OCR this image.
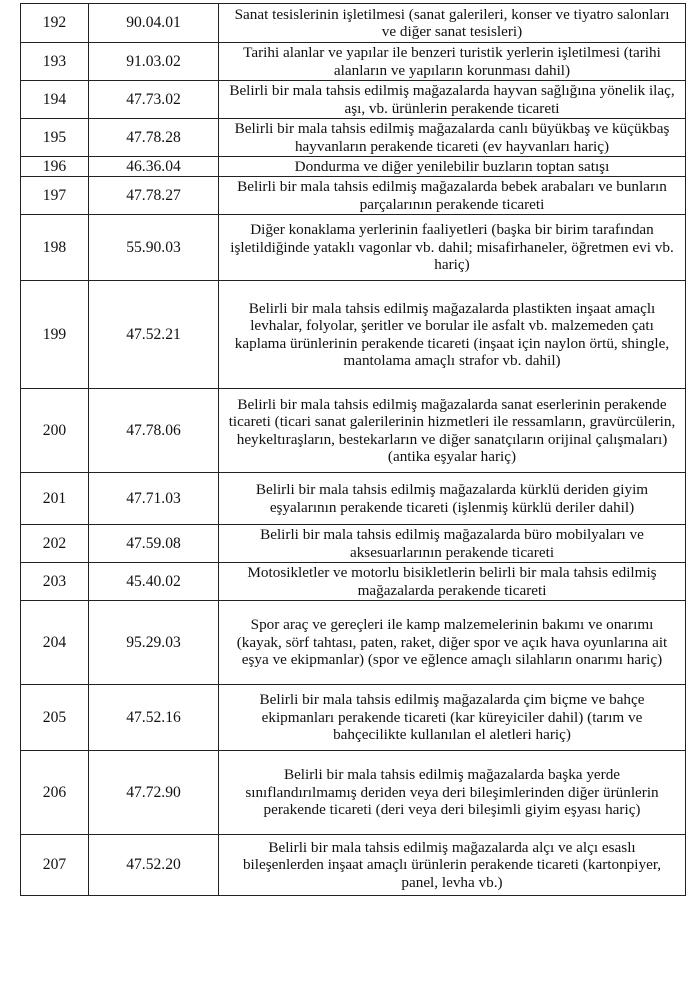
192	90.04.01	Sanat tesislerinin işletilmesi (sanat galerileri, konser ve tiyatro salonları ve diğer sanat tesisleri)
193	91.03.02	Tarihi alanlar ve yapılar ile benzeri turistik yerlerin işletilmesi (tarihi alanların ve yapıların korunması dahil)
194	47.73.02	Belirli bir mala tahsis edilmiş mağazalarda hayvan sağlığına yönelik ilaç, aşı, vb. ürünlerin perakende ticareti
195	47.78.28	Belirli bir mala tahsis edilmiş mağazalarda canlı büyükbaş ve küçükbaş hayvanların perakende ticareti (ev hayvanları hariç)
196	46.36.04	Dondurma ve diğer yenilebilir buzların toptan satışı
197	47.78.27	Belirli bir mala tahsis edilmiş mağazalarda bebek arabaları ve bunların parçalarının perakende ticareti
198	55.90.03	Diğer konaklama yerlerinin faaliyetleri (başka bir birim tarafından işletildiğinde yataklı vagonlar vb. dahil; misafirhaneler, öğretmen evi vb. hariç)
199	47.52.21	Belirli bir mala tahsis edilmiş mağazalarda plastikten inşaat amaçlı levhalar, folyolar, şeritler ve borular ile asfalt vb. malzemeden çatı kaplama ürünlerinin perakende ticareti (inşaat için naylon örtü, shingle, mantolama amaçlı strafor vb. dahil)
200	47.78.06	Belirli bir mala tahsis edilmiş mağazalarda sanat eserlerinin perakende ticareti (ticari sanat galerilerinin hizmetleri ile ressamların, gravürcülerin, heykeltıraşların, bestekarların ve diğer sanatçıların orijinal çalışmaları) (antika eşyalar hariç)
201	47.71.03	Belirli bir mala tahsis edilmiş mağazalarda kürklü deriden giyim eşyalarının perakende ticareti (işlenmiş kürklü deriler dahil)
202	47.59.08	Belirli bir mala tahsis edilmiş mağazalarda büro mobilyaları ve aksesuarlarının perakende ticareti
203	45.40.02	Motosikletler ve motorlu bisikletlerin belirli bir mala tahsis edilmiş mağazalarda perakende ticareti
204	95.29.03	Spor araç ve gereçleri ile kamp malzemelerinin bakımı ve onarımı (kayak, sörf tahtası, paten, raket, diğer spor ve açık hava oyunlarına ait eşya ve ekipmanlar) (spor ve eğlence amaçlı silahların onarımı hariç)
205	47.52.16	Belirli bir mala tahsis edilmiş mağazalarda çim biçme ve bahçe ekipmanları perakende ticareti (kar küreyiciler dahil) (tarım ve bahçecilikte kullanılan el aletleri hariç)
206	47.72.90	Belirli bir mala tahsis edilmiş mağazalarda başka yerde sınıflandırılmamış deriden veya deri bileşimlerinden diğer ürünlerin perakende ticareti (deri veya deri bileşimli giyim eşyası hariç)
207	47.52.20	Belirli bir mala tahsis edilmiş mağazalarda alçı ve alçı esaslı bileşenlerden inşaat amaçlı ürünlerin perakende ticareti (kartonpiyer, panel, levha vb.)
